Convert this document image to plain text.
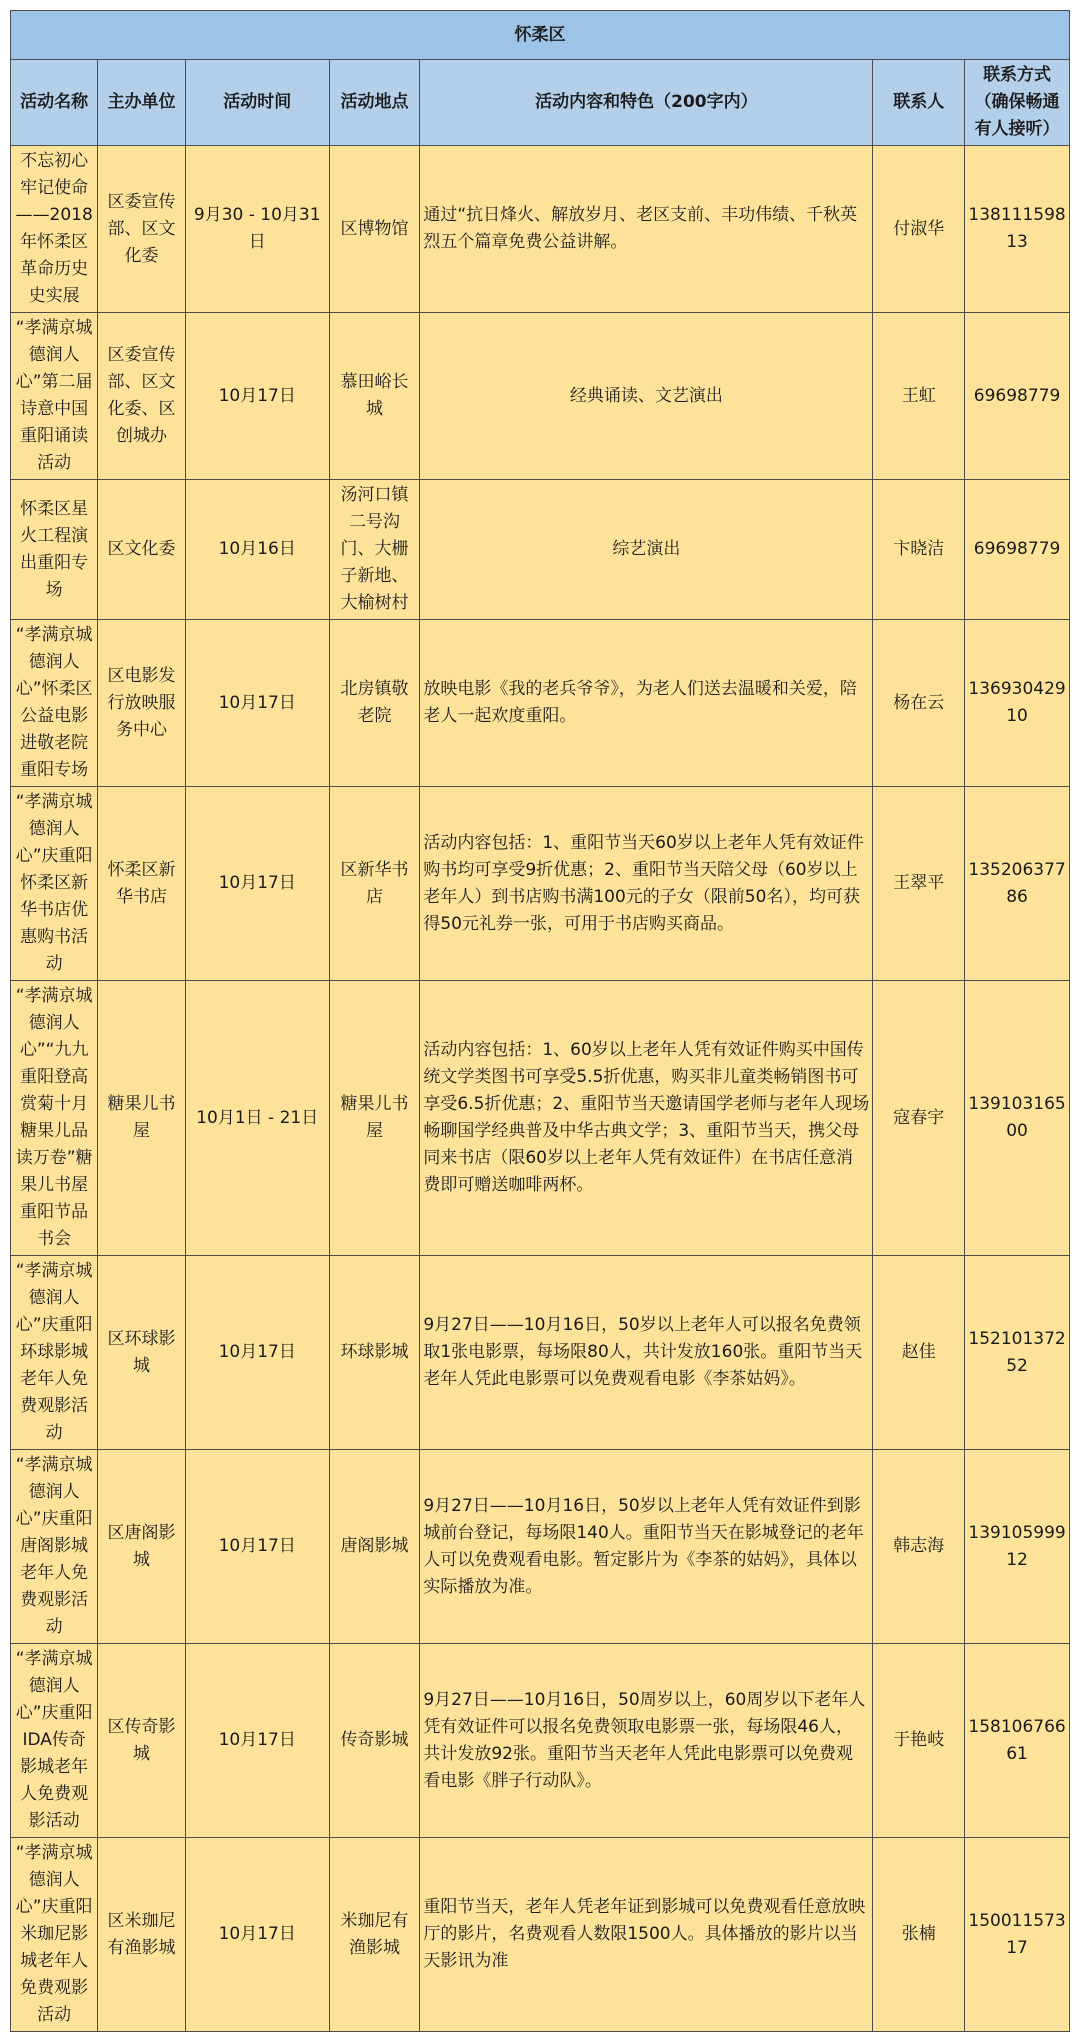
怀柔区						
活动名称	主办单位	活动时间	活动地点	活动内容和特色（200字内）	联系人	联系方式（确保畅通有人接听）
不忘初心牢记使命——2018年怀柔区革命历史史实展	区委宣传部、区文化委	9月30 - 10月31日	区博物馆	通过“抗日烽火、解放岁月、老区支前、丰功伟绩、千秋英烈五个篇章免费公益讲解。	付淑华	13811159813
“孝满京城德润人心”第二届诗意中国重阳诵读活动	区委宣传部、区文化委、区创城办	10月17日	慕田峪长城	经典诵读、文艺演出	王虹	69698779
怀柔区星火工程演出重阳专场	区文化委	10月16日	汤河口镇二号沟门、大栅子新地、大榆树村	综艺演出	卞晓洁	69698779
“孝满京城德润人心”怀柔区公益电影进敬老院重阳专场	区电影发行放映服务中心	10月17日	北房镇敬老院	放映电影《我的老兵爷爷》，为老人们送去温暖和关爱，陪老人一起欢度重阳。	杨在云	13693042910
“孝满京城德润人心”庆重阳怀柔区新华书店优惠购书活动	怀柔区新华书店	10月17日	区新华书店	活动内容包括：1、重阳节当天60岁以上老年人凭有效证件购书均可享受9折优惠；2、重阳节当天陪父母（60岁以上老年人）到书店购书满100元的子女（限前50名），均可获得50元礼券一张，可用于书店购买商品。	王翠平	13520637786
“孝满京城德润人心”“九九重阳登高赏菊十月糖果儿品读万卷”糖果儿书屋重阳节品书会	糖果儿书屋	10月1日 - 21日	糖果儿书屋	活动内容包括：1、60岁以上老年人凭有效证件购买中国传统文学类图书可享受5.5折优惠，购买非儿童类畅销图书可享受6.5折优惠；2、重阳节当天邀请国学老师与老年人现场畅聊国学经典普及中华古典文学；3、重阳节当天，携父母同来书店（限60岁以上老年人凭有效证件）在书店任意消费即可赠送咖啡两杯。	寇春宇	13910316500
“孝满京城德润人心”庆重阳环球影城老年人免费观影活动	区环球影城	10月17日	环球影城	9月27日——10月16日，50岁以上老年人可以报名免费领取1张电影票，每场限80人，共计发放160张。重阳节当天老年人凭此电影票可以免费观看电影《李茶姑妈》。	赵佳	15210137252
“孝满京城德润人心”庆重阳唐阁影城老年人免费观影活动	区唐阁影城	10月17日	唐阁影城	9月27日——10月16日，50岁以上老年人凭有效证件到影城前台登记，每场限140人。重阳节当天在影城登记的老年人可以免费观看电影。暂定影片为《李茶的姑妈》，具体以实际播放为准。	韩志海	13910599912
“孝满京城德润人心”庆重阳IDA传奇影城老年人免费观影活动	区传奇影城	10月17日	传奇影城	9月27日——10月16日，50周岁以上，60周岁以下老年人凭有效证件可以报名免费领取电影票一张，每场限46人，共计发放92张。重阳节当天老年人凭此电影票可以免费观看电影《胖子行动队》。	于艳岐	15810676661
“孝满京城德润人心”庆重阳米珈尼影城老年人免费观影活动	区米珈尼有渔影城	10月17日	米珈尼有渔影城	重阳节当天，老年人凭老年证到影城可以免费观看任意放映厅的影片，名费观看人数限1500人。具体播放的影片以当天影讯为准	张楠	15001157317
